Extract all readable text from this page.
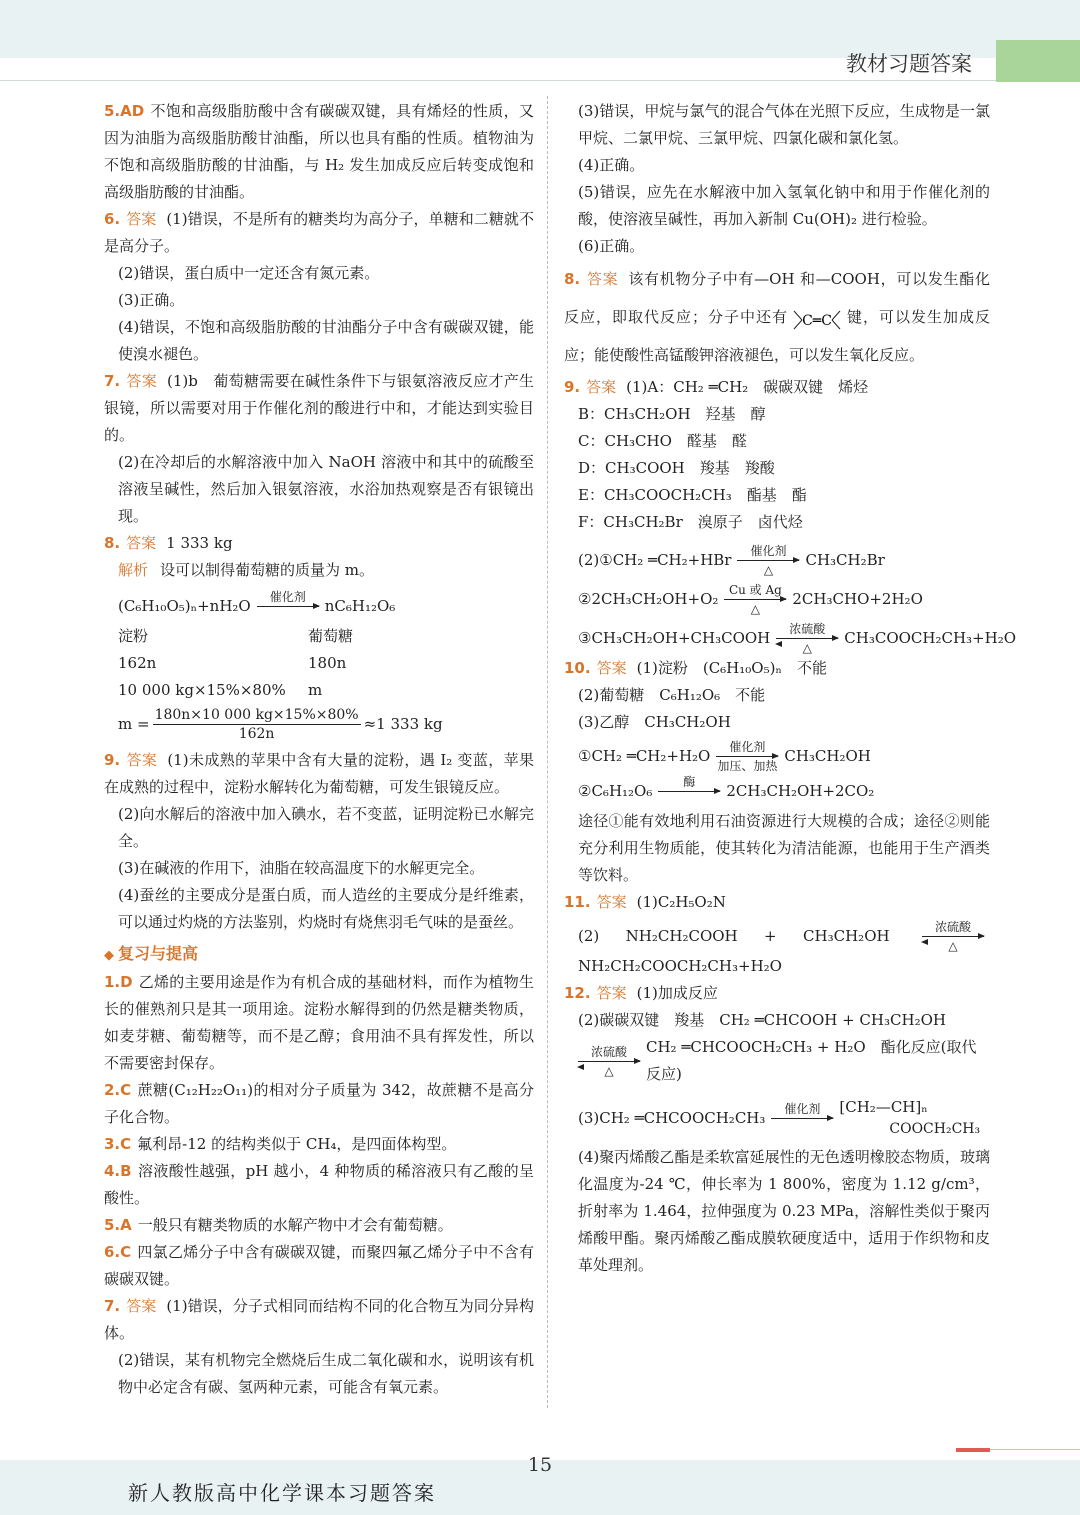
教材习题答案

5.AD 不饱和高级脂肪酸中含有碳碳双键，具有烯烃的性质，又因为油脂为高级脂肪酸甘油酯，所以也具有酯的性质。植物油为不饱和高级脂肪酸的甘油酯，与 H₂ 发生加成反应后转变成饱和高级脂肪酸的甘油酯。

6. 答案 (1)错误，不是所有的糖类均为高分子，单糖和二糖就不是高分子。

(2)错误，蛋白质中一定还含有氮元素。

(3)正确。

(4)错误，不饱和高级脂肪酸的甘油酯分子中含有碳碳双键，能使溴水褪色。

7. 答案 (1)b　葡萄糖需要在碱性条件下与银氨溶液反应才产生银镜，所以需要对用于作催化剂的酸进行中和，才能达到实验目的。

(2)在冷却后的水解溶液中加入 NaOH 溶液中和其中的硫酸至溶液呈碱性，然后加入银氨溶液，水浴加热观察是否有银镜出现。

8. 答案 1 333 kg

解析 设可以制得葡萄糖的质量为 m。

(C₆H₁₀O₅)ₙ+nH₂O 催化剂 nC₆H₁₂O₆
淀粉	葡萄糖
162n	180n
10 000 kg×15%×80%	m
$m = \frac{180n\times 10 000 kg\times 15\%\times 80\%}{162n} \approx 1$ 333 kg

9. 答案 (1)未成熟的苹果中含有大量的淀粉，遇 I₂ 变蓝，苹果在成熟的过程中，淀粉水解转化为葡萄糖，可发生银镜反应。

(2)向水解后的溶液中加入碘水，若不变蓝，证明淀粉已水解完全。

(3)在碱液的作用下，油脂在较高温度下的水解更完全。

(4)蚕丝的主要成分是蛋白质，而人造丝的主要成分是纤维素，可以通过灼烧的方法鉴别，灼烧时有烧焦羽毛气味的是蚕丝。

◆ 复习与提高

1.D 乙烯的主要用途是作为有机合成的基础材料，而作为植物生长的催熟剂只是其一项用途。淀粉水解得到的仍然是糖类物质，如麦芽糖、葡萄糖等，而不是乙醇；食用油不具有挥发性，所以不需要密封保存。

2.C 蔗糖(C₁₂H₂₂O₁₁)的相对分子质量为 342，故蔗糖不是高分子化合物。

3.C 氟利昂-12 的结构类似于 CH₄，是四面体构型。

4.B 溶液酸性越强，pH 越小，4 种物质的稀溶液只有乙酸的呈酸性。

5.A 一般只有糖类物质的水解产物中才会有葡萄糖。

6.C 四氯乙烯分子中含有碳碳双键，而聚四氟乙烯分子中不含有碳碳双键。

7. 答案 (1)错误，分子式相同而结构不同的化合物互为同分异构体。

(2)错误，某有机物完全燃烧后生成二氧化碳和水，说明该有机物中必定含有碳、氢两种元素，可能含有氧元素。

(3)错误，甲烷与氯气的混合气体在光照下反应，生成物是一氯甲烷、二氯甲烷、三氯甲烷、四氯化碳和氯化氢。

(4)正确。

(5)错误，应先在水解液中加入氢氧化钠中和用于作催化剂的酸，使溶液呈碱性，再加入新制 Cu(OH)₂ 进行检验。

(6)正确。

8. 答案 该有机物分子中有—OH 和—COOH，可以发生酯化反应，即取代反应；分子中还有 C═C 键，可以发生加成反应；能使酸性高锰酸钾溶液褪色，可以发生氧化反应。

9. 答案 (1)A：CH₂ ═CH₂　碳碳双键　烯烃

B：CH₃CH₂OH　羟基　醇

C：CH₃CHO　醛基　醛

D：CH₃COOH　羧基　羧酸

E：CH₃COOCH₂CH₃　酯基　酯

F：CH₃CH₂Br　溴原子　卤代烃

(2)①CH₂ ═CH₂+HBr 催化剂
△
CH₃CH₂Br
②2CH₃CH₂OH+O₂ Cu 或 Ag
△
2CH₃CHO+2H₂O
③CH₃CH₂OH+CH₃COOH 浓硫酸
△
CH₃COOCH₂CH₃+H₂O

10. 答案 (1)淀粉　(C₆H₁₀O₅)ₙ　不能

(2)葡萄糖　C₆H₁₂O₆　不能

(3)乙醇　CH₃CH₂OH

①CH₂ ═CH₂+H₂O 催化剂
加压、加热
CH₃CH₂OH
②C₆H₁₂O₆	酶 2CH₃CH₂OH+2CO₂

途径①能有效地利用石油资源进行大规模的合成；途径②则能充分利用生物质能，使其转化为清洁能源，也能用于生产酒类等饮料。

11. 答案 (1)C₂H₅O₂N

(2) NH₂CH₂COOH + CH₃CH₂OH	浓硫酸
△

NH₂CH₂COOCH₂CH₃+H₂O

12. 答案 (1)加成反应

(2)碳碳双键　羧基　CH₂ ═CHCOOH + CH₃CH₂OH

浓硫酸
△
CH₂ ═CHCOOCH₂CH₃ + H₂O　酯化反应(取代反应)
(3)CH₂ ═CHCOOCH₂CH₃ 催化剂 [CH₂—CH]ₙ
COOCH₂CH₃

(4)聚丙烯酸乙酯是柔软富延展性的无色透明橡胶态物质，玻璃化温度为-24 ℃，伸长率为 1 800%，密度为 1.12 g/cm³，折射率为 1.464，拉伸强度为 0.23 MPa，溶解性类似于聚丙烯酸甲酯。聚丙烯酸乙酯成膜软硬度适中，适用于作织物和皮革处理剂。

15
新人教版高中化学课本习题答案
